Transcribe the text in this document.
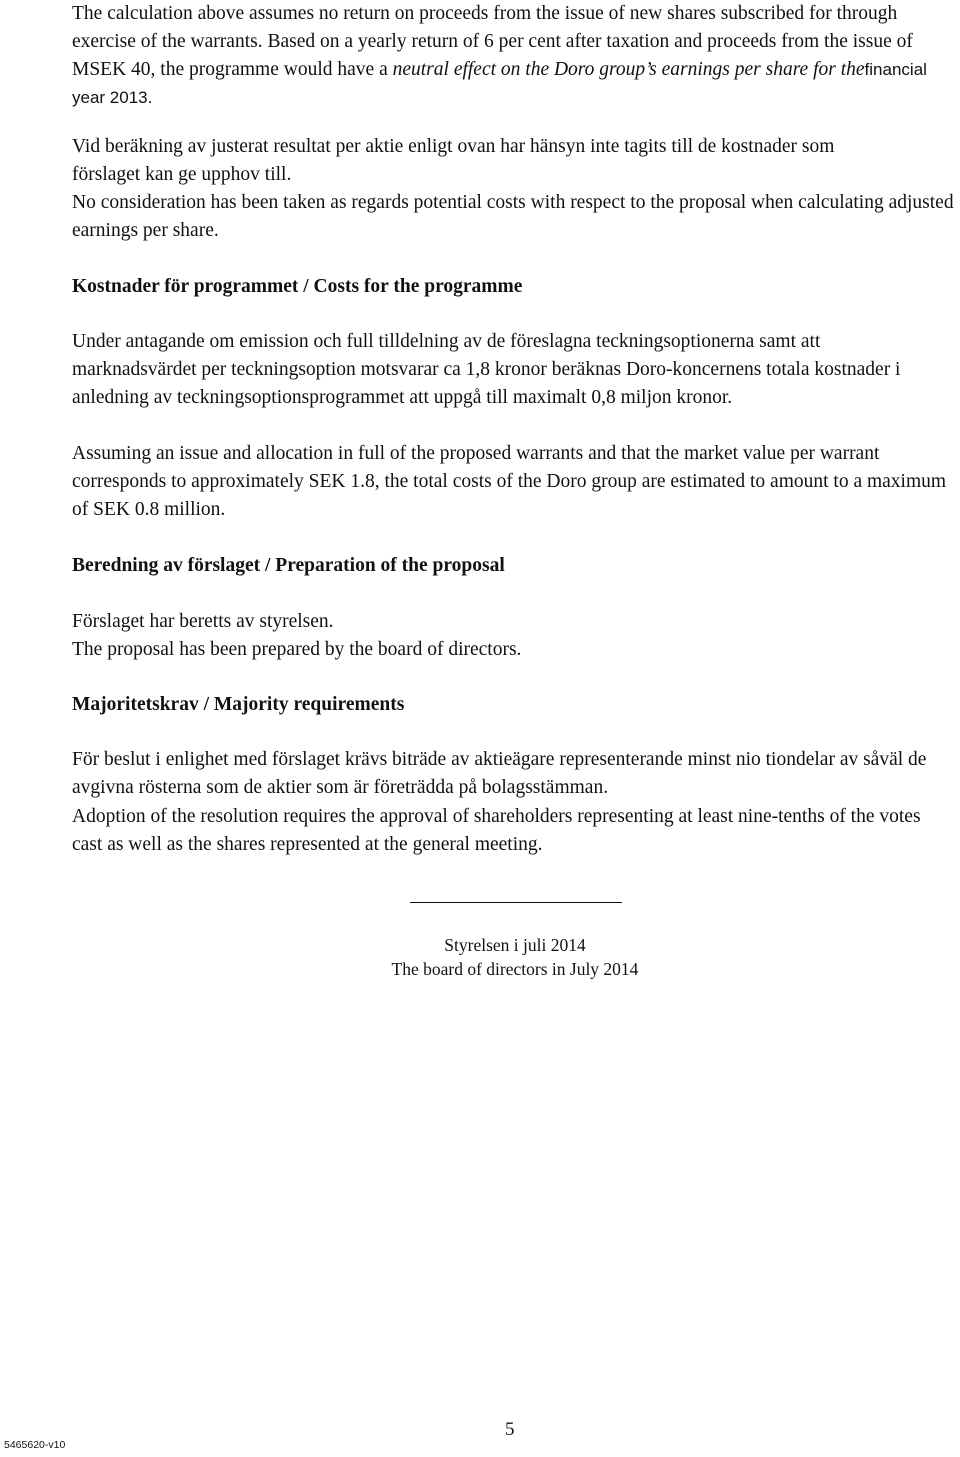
The calculation above assumes no return on proceeds from the issue of new shares subscribed for through exercise of the warrants. Based on a yearly return of 6 per cent after taxation and proceeds from the issue of MSEK 40, the programme would have a neutral effect on the Doro group’s earnings per share for thefinancial year 2013.

Vid beräkning av justerat resultat per aktie enligt ovan har hänsyn inte tagits till de kostnader som förslaget kan ge upphov till.

No consideration has been taken as regards potential costs with respect to the proposal when calculating adjusted earnings per share.

Kostnader för programmet / Costs for the programme

Under antagande om emission och full tilldelning av de föreslagna teckningsoptionerna samt att marknadsvärdet per teckningsoption motsvarar ca 1,8 kronor beräknas Doro-koncernens totala kostnader i anledning av teckningsoptionsprogrammet att uppgå till maximalt 0,8 miljon kronor.

Assuming an issue and allocation in full of the proposed warrants and that the market value per warrant corresponds to approximately SEK 1.8, the total costs of the Doro group are estimated to amount to a maximum of SEK 0.8 million.

Beredning av förslaget / Preparation of the proposal

Förslaget har beretts av styrelsen.

The proposal has been prepared by the board of directors.

Majoritetskrav / Majority requirements

För beslut i enlighet med förslaget krävs biträde av aktieägare representerande minst nio tiondelar av såväl de avgivna rösterna som de aktier som är företrädda på bolagsstämman.

Adoption of the resolution requires the approval of shareholders representing at least nine-tenths of the votes cast as well as the shares represented at the general meeting.

Styrelsen i juli 2014
The board of directors in July 2014
5
5465620-v10
